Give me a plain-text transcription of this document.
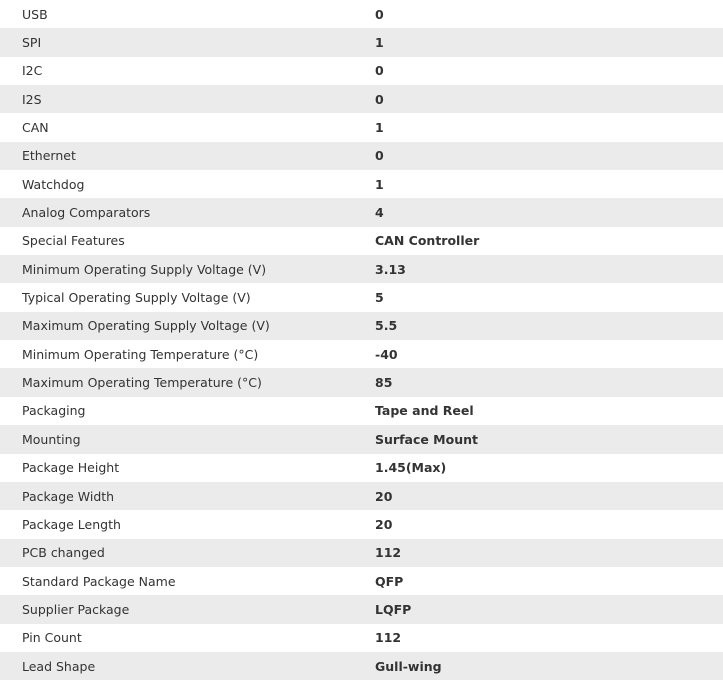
USB	0
SPI	1
I2C	0
I2S	0
CAN	1
Ethernet	0
Watchdog	1
Analog Comparators	4
Special Features	CAN Controller
Minimum Operating Supply Voltage (V)	3.13
Typical Operating Supply Voltage (V)	5
Maximum Operating Supply Voltage (V)	5.5
Minimum Operating Temperature (°C)	-40
Maximum Operating Temperature (°C)	85
Packaging	Tape and Reel
Mounting	Surface Mount
Package Height	1.45(Max)
Package Width	20
Package Length	20
PCB changed	112
Standard Package Name	QFP
Supplier Package	LQFP
Pin Count	112
Lead Shape	Gull-wing
